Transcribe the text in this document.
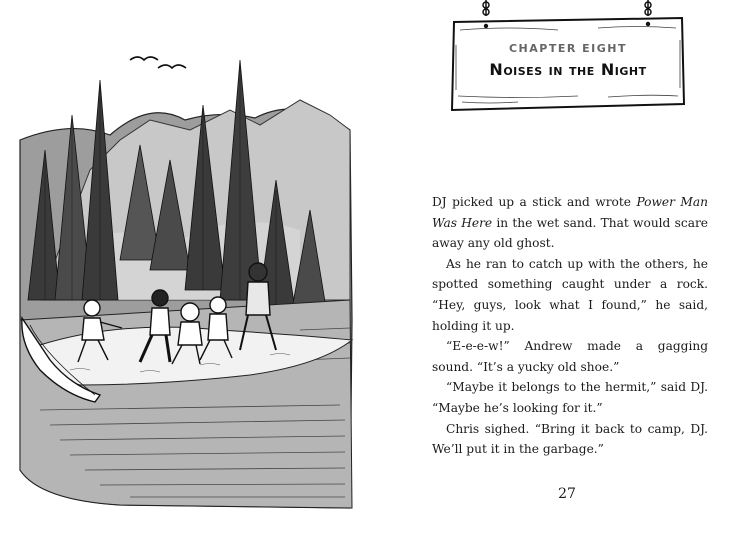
CHAPTER EIGHT
Noises in the Night

DJ picked up a stick and wrote Power Man Was Here in the wet sand. That would scare away any old ghost.

As he ran to catch up with the others, he spotted something caught under a rock. “Hey, guys, look what I found,” he said, holding it up.

“E-e-e-w!” Andrew made a gagging sound. “It’s a yucky old shoe.”

“Maybe it belongs to the hermit,” said DJ. “Maybe he’s looking for it.”

Chris sighed. “Bring it back to camp, DJ. We’ll put it in the garbage.”

27
